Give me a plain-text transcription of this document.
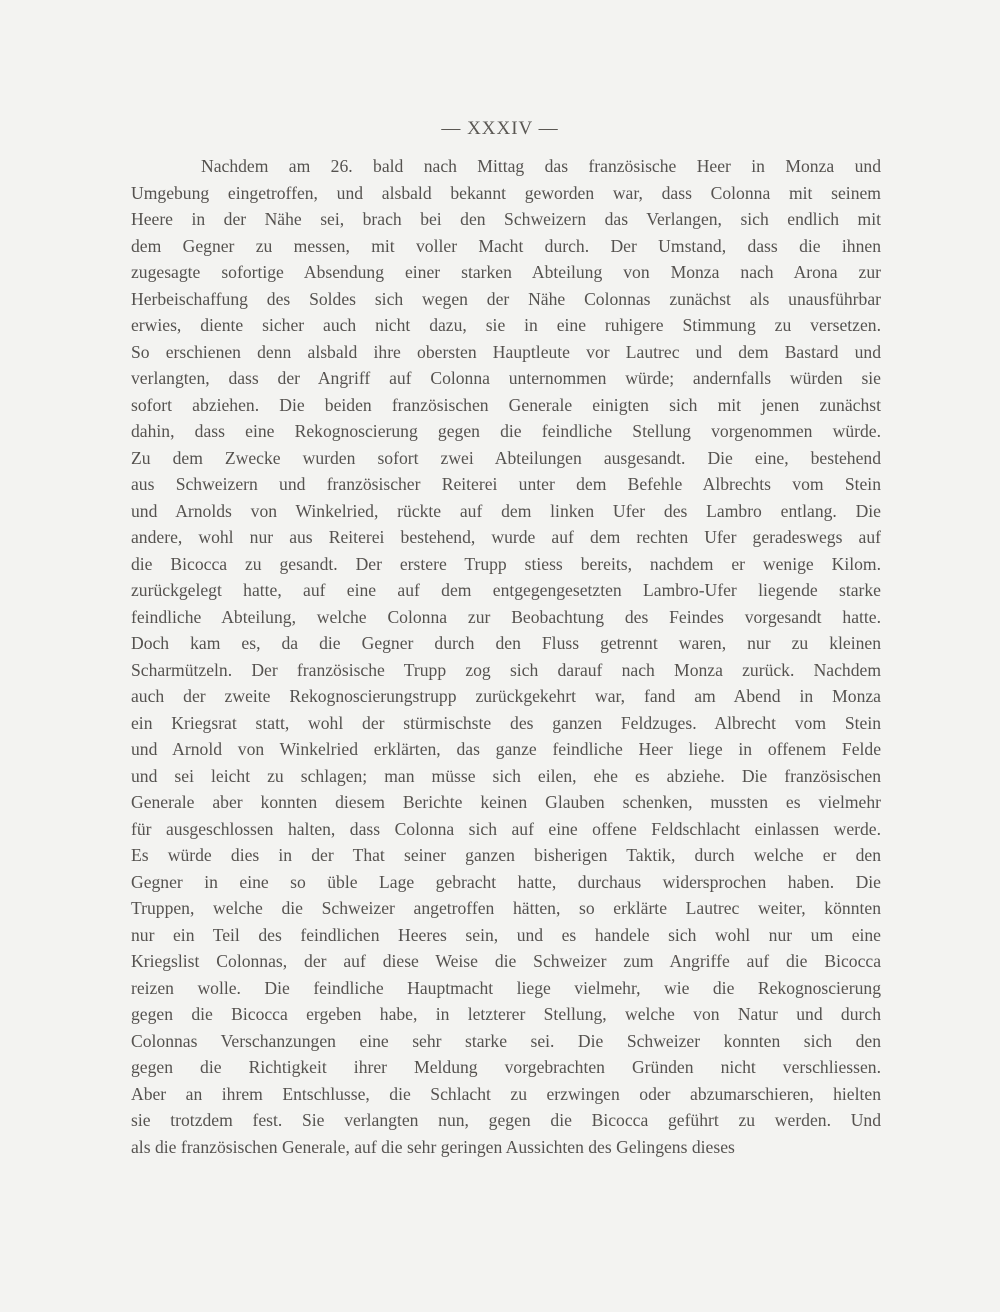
— XXXIV —
Nachdem am 26. bald nach Mittag das französische Heer in Monza und
Umgebung eingetroffen, und alsbald bekannt geworden war, dass Colonna mit seinem
Heere in der Nähe sei, brach bei den Schweizern das Verlangen, sich endlich mit
dem Gegner zu messen, mit voller Macht durch. Der Umstand, dass die ihnen
zugesagte sofortige Absendung einer starken Abteilung von Monza nach Arona zur
Herbeischaffung des Soldes sich wegen der Nähe Colonnas zunächst als unausführbar
erwies, diente sicher auch nicht dazu, sie in eine ruhigere Stimmung zu versetzen.
So erschienen denn alsbald ihre obersten Hauptleute vor Lautrec und dem Bastard und
verlangten, dass der Angriff auf Colonna unternommen würde; andernfalls würden sie
sofort abziehen. Die beiden französischen Generale einigten sich mit jenen zunächst
dahin, dass eine Rekognoscierung gegen die feindliche Stellung vorgenommen würde.
Zu dem Zwecke wurden sofort zwei Abteilungen ausgesandt. Die eine, bestehend
aus Schweizern und französischer Reiterei unter dem Befehle Albrechts vom Stein
und Arnolds von Winkelried, rückte auf dem linken Ufer des Lambro entlang. Die
andere, wohl nur aus Reiterei bestehend, wurde auf dem rechten Ufer geradeswegs auf
die Bicocca zu gesandt. Der erstere Trupp stiess bereits, nachdem er wenige Kilom.
zurückgelegt hatte, auf eine auf dem entgegengesetzten Lambro-Ufer liegende starke
feindliche Abteilung, welche Colonna zur Beobachtung des Feindes vorgesandt hatte.
Doch kam es, da die Gegner durch den Fluss getrennt waren, nur zu kleinen
Scharmützeln. Der französische Trupp zog sich darauf nach Monza zurück. Nachdem
auch der zweite Rekognoscierungstrupp zurückgekehrt war, fand am Abend in Monza
ein Kriegsrat statt, wohl der stürmischste des ganzen Feldzuges. Albrecht vom Stein
und Arnold von Winkelried erklärten, das ganze feindliche Heer liege in offenem Felde
und sei leicht zu schlagen; man müsse sich eilen, ehe es abziehe. Die französischen
Generale aber konnten diesem Berichte keinen Glauben schenken, mussten es vielmehr
für ausgeschlossen halten, dass Colonna sich auf eine offene Feldschlacht einlassen werde.
Es würde dies in der That seiner ganzen bisherigen Taktik, durch welche er den
Gegner in eine so üble Lage gebracht hatte, durchaus widersprochen haben. Die
Truppen, welche die Schweizer angetroffen hätten, so erklärte Lautrec weiter, könnten
nur ein Teil des feindlichen Heeres sein, und es handele sich wohl nur um eine
Kriegslist Colonnas, der auf diese Weise die Schweizer zum Angriffe auf die Bicocca
reizen wolle. Die feindliche Hauptmacht liege vielmehr, wie die Rekognoscierung
gegen die Bicocca ergeben habe, in letzterer Stellung, welche von Natur und durch
Colonnas Verschanzungen eine sehr starke sei. Die Schweizer konnten sich den
gegen die Richtigkeit ihrer Meldung vorgebrachten Gründen nicht verschliessen.
Aber an ihrem Entschlusse, die Schlacht zu erzwingen oder abzumarschieren, hielten
sie trotzdem fest. Sie verlangten nun, gegen die Bicocca geführt zu werden. Und
als die französischen Generale, auf die sehr geringen Aussichten des Gelingens dieses
